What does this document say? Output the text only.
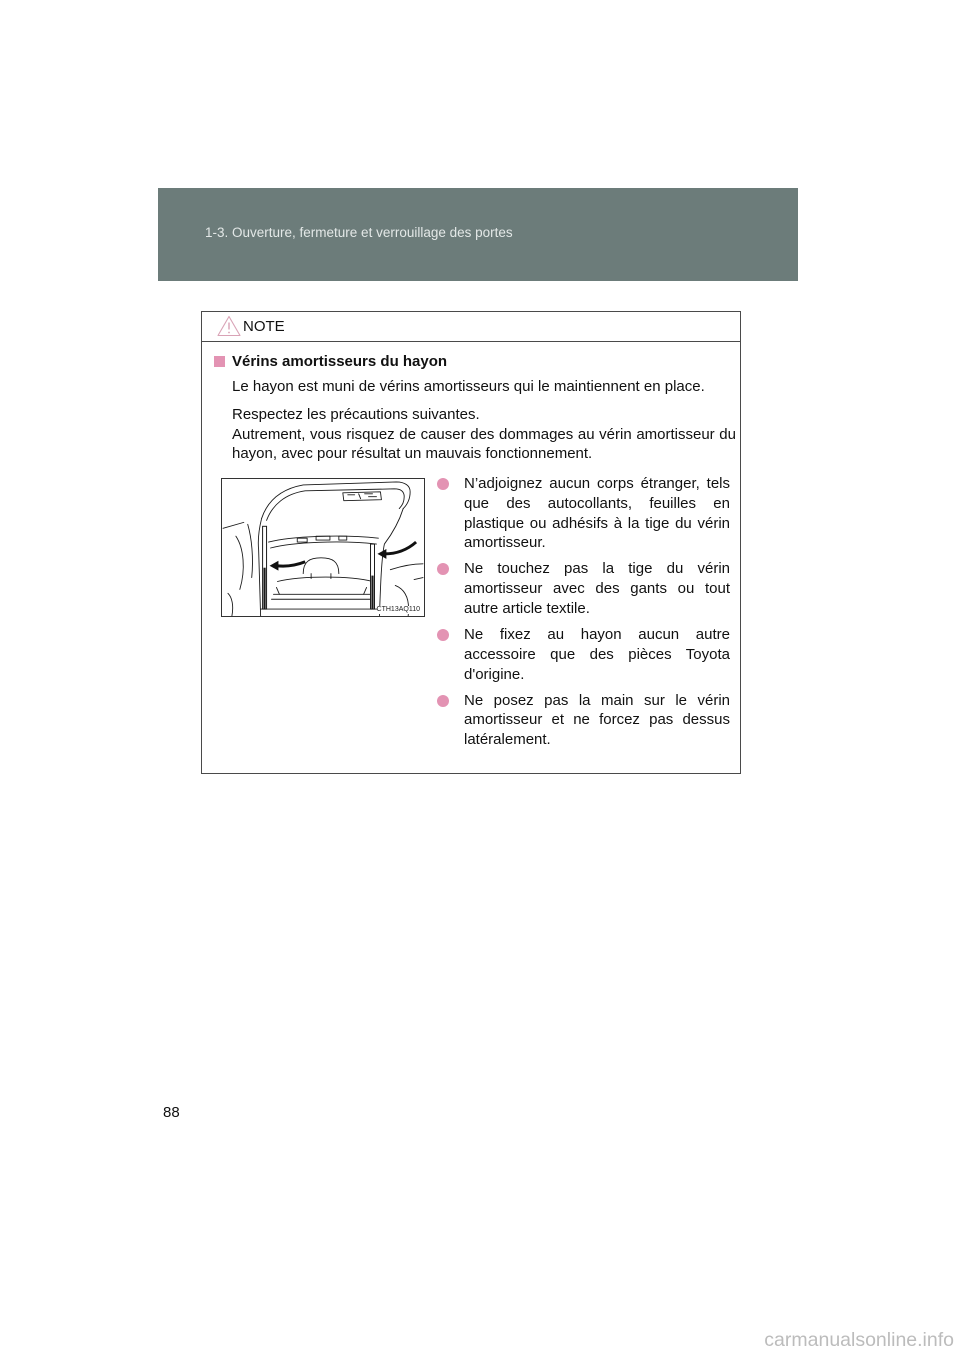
1-3. Ouverture, fermeture et verrouillage des portes
NOTE
Vérins amortisseurs du hayon
Le hayon est muni de vérins amortisseurs qui le maintiennent en place.
Respectez les précautions suivantes.
Autrement, vous risquez de causer des dommages au vérin amortisseur du
hayon, avec pour résultat un mauvais fonctionnement.
CTH13AQ110
N’adjoignez aucun corps étranger, tels
que des autocollants, feuilles en
plastique ou adhésifs à la tige du vérin
amortisseur.
Ne touchez pas la tige du vérin
amortisseur avec des gants ou tout
autre article textile.
Ne fixez au hayon aucun autre
accessoire que des pièces Toyota
d'origine.
Ne posez pas la main sur le vérin
amortisseur et ne forcez pas dessus
latéralement.
88
carmanualsonline.info
